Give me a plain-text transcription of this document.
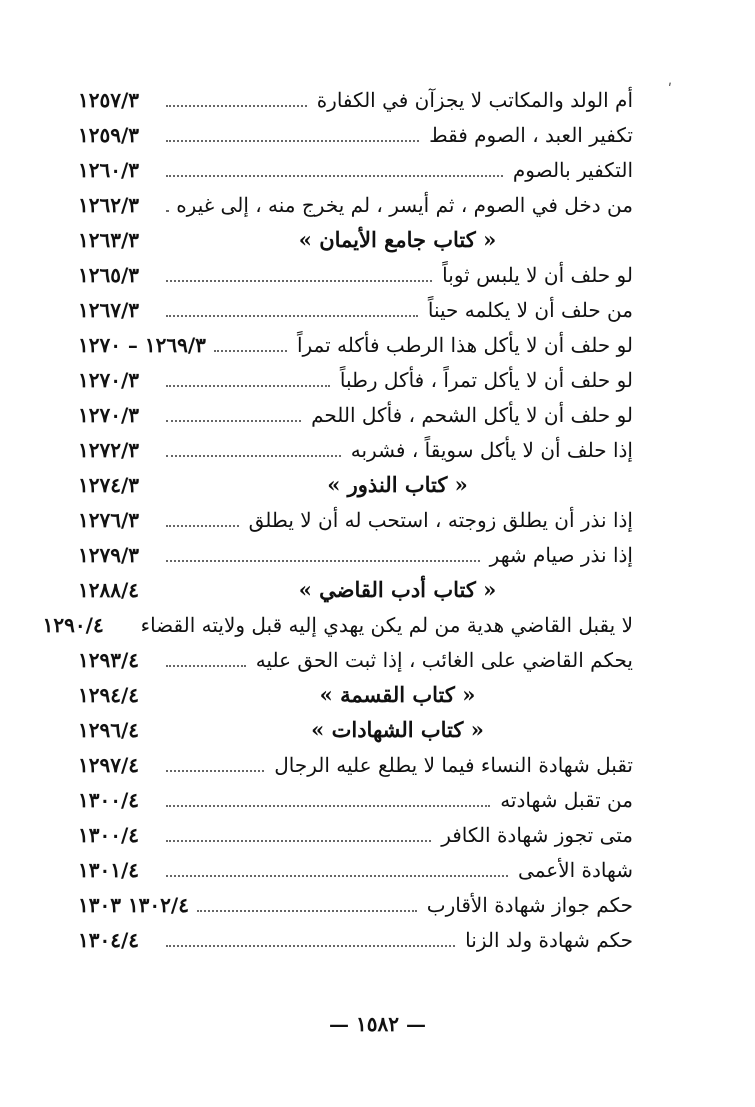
ʹ
أم الولد والمكاتب لا يجزآن في الكفارة
١٢٥٧/٣
تكفير العبد ، الصوم فقط
١٢٥٩/٣
التكفير بالصوم
١٢٦٠/٣
من دخل في الصوم ، ثم أيسر ، لم يخرج منه ، إلى غيره
١٢٦٢/٣
« كتاب جامع الأيمان »
١٢٦٣/٣
لو حلف أن لا يلبس ثوباً
١٢٦٥/٣
من حلف أن لا يكلمه حيناً
١٢٦٧/٣
لو حلف أن لا يأكل هذا الرطب فأكله تمراً
١٢٦٩/٣ – ١٢٧٠
لو حلف أن لا يأكل تمراً ، فأكل رطباً
١٢٧٠/٣
لو حلف أن لا يأكل الشحم ، فأكل اللحم
١٢٧٠/٣
إذا حلف أن لا يأكل سويقاً ، فشربه
١٢٧٢/٣
« كتاب النذور »
١٢٧٤/٣
إذا نذر أن يطلق زوجته ، استحب له أن لا يطلق
١٢٧٦/٣
إذا نذر صيام شهر
١٢٧٩/٣
« كتاب أدب القاضي »
١٢٨٨/٤
لا يقبل القاضي هدية من لم يكن يهدي إليه قبل ولايته القضاء
١٢٩٠/٤
يحكم القاضي على الغائب ، إذا ثبت الحق عليه
١٢٩٣/٤
« كتاب القسمة »
١٢٩٤/٤
« كتاب الشهادات »
١٢٩٦/٤
تقبل شهادة النساء فيما لا يطلع عليه الرجال
١٢٩٧/٤
من تقبل شهادته
١٣٠٠/٤
متى تجوز شهادة الكافر
١٣٠٠/٤
شهادة الأعمى
١٣٠١/٤
حكم جواز شهادة الأقارب
١٣٠٢/٤ ١٣٠٣
حكم شهادة ولد الزنا
١٣٠٤/٤
— ١٥٨٢ —
